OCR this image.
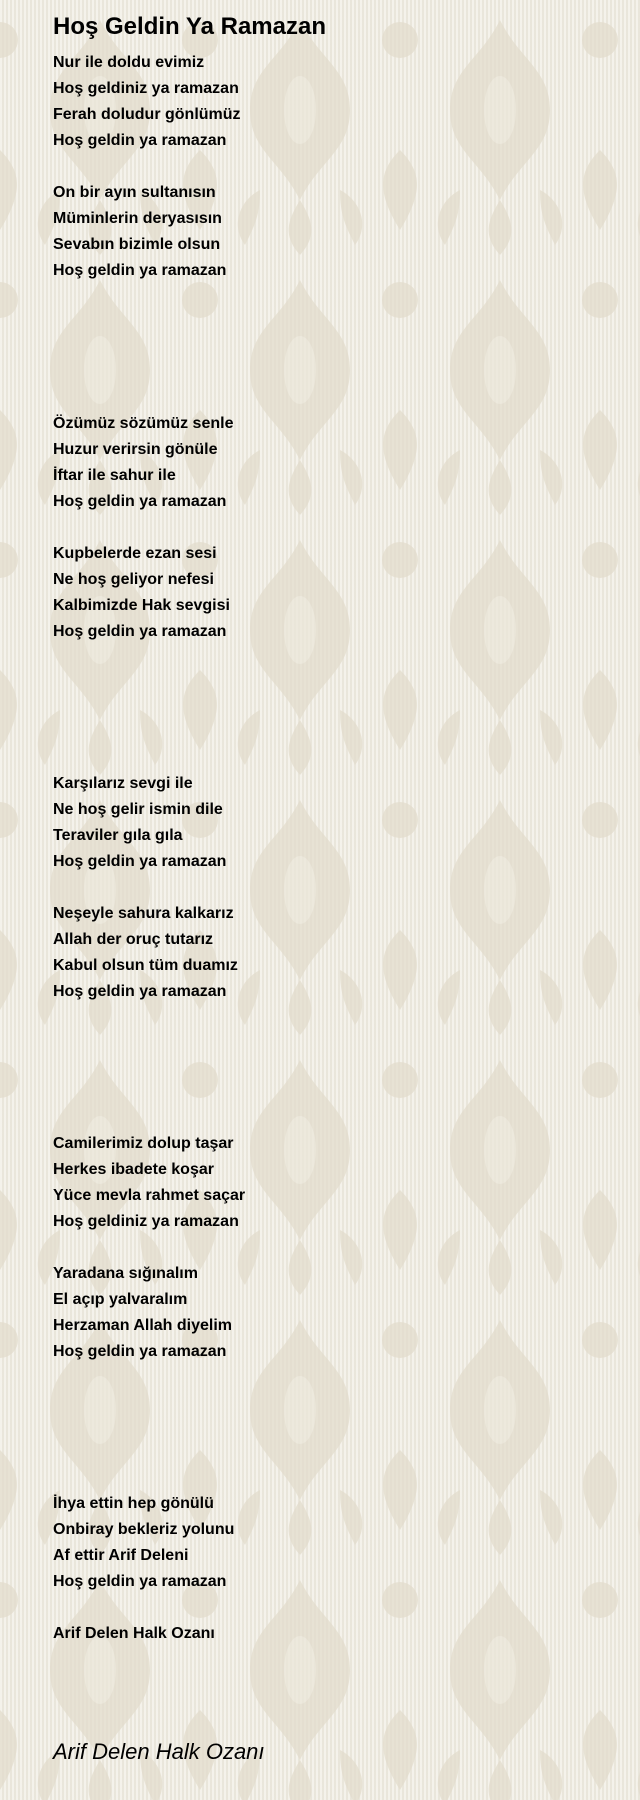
Hoş Geldin Ya Ramazan
Nur ile doldu evimiz
Hoş geldiniz ya ramazan
Ferah doludur gönlümüz
Hoş geldin ya ramazan
On bir ayın sultanısın
Müminlerin deryasısın
Sevabın bizimle olsun
Hoş geldin ya ramazan
Özümüz sözümüz senle
Huzur verirsin gönüle
İftar ile sahur ile
Hoş geldin ya ramazan
Kupbelerde ezan sesi
Ne hoş geliyor nefesi
Kalbimizde Hak sevgisi
Hoş geldin ya ramazan
Karşılarız sevgi ile
Ne hoş gelir ismin dile
Teraviler gıla gıla
Hoş geldin ya ramazan
Neşeyle sahura kalkarız
Allah der oruç tutarız
Kabul olsun tüm duamız
Hoş geldin ya ramazan
Camilerimiz dolup taşar
Herkes ibadete koşar
Yüce mevla rahmet saçar
Hoş geldiniz ya ramazan
Yaradana sığınalım
El açıp yalvaralım
Herzaman Allah diyelim
Hoş geldin ya ramazan
İhya ettin hep gönülü
Onbiray bekleriz yolunu
Af ettir Arif Deleni
Hoş geldin ya ramazan
Arif Delen Halk Ozanı
Arif Delen Halk Ozanı
